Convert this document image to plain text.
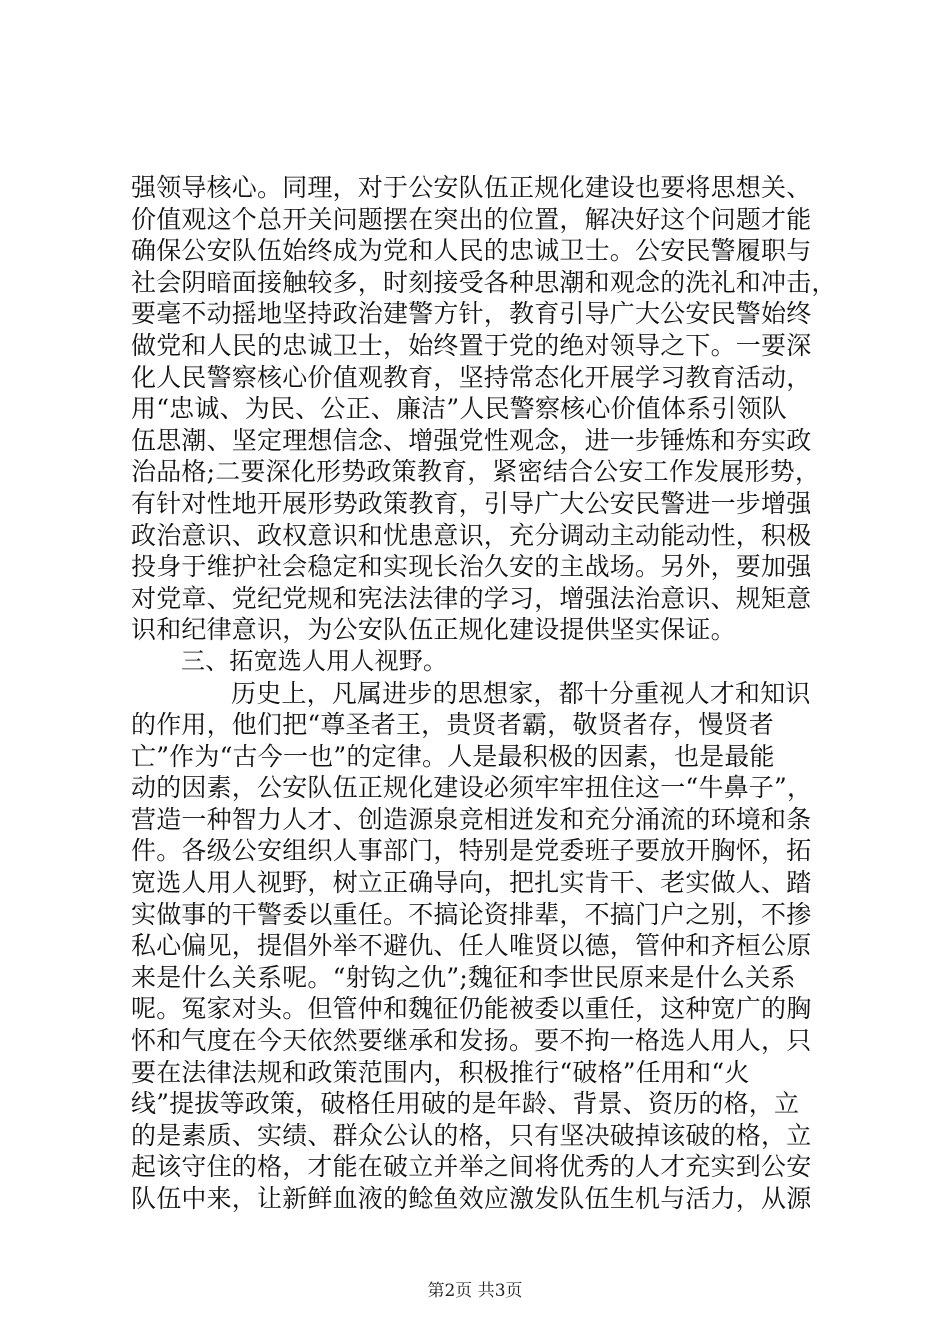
强领导核心。同理，对于公安队伍正规化建设也要将思想关、
价值观这个总开关问题摆在突出的位置，解决好这个问题才能
确保公安队伍始终成为党和人民的忠诚卫士。公安民警履职与
社会阴暗面接触较多，时刻接受各种思潮和观念的洗礼和冲击，
要毫不动摇地坚持政治建警方针，教育引导广大公安民警始终
做党和人民的忠诚卫士，始终置于党的绝对领导之下。一要深
化人民警察核心价值观教育，坚持常态化开展学习教育活动，
用“忠诚、为民、公正、廉洁”人民警察核心价值体系引领队
伍思潮、坚定理想信念、增强党性观念，进一步锤炼和夯实政
治品格;二要深化形势政策教育，紧密结合公安工作发展形势，
有针对性地开展形势政策教育，引导广大公安民警进一步增强
政治意识、政权意识和忧患意识，充分调动主动能动性，积极
投身于维护社会稳定和实现长治久安的主战场。另外，要加强
对党章、党纪党规和宪法法律的学习，增强法治意识、规矩意
识和纪律意识，为公安队伍正规化建设提供坚实保证。
三、拓宽选人用人视野。
历史上，凡属进步的思想家，都十分重视人才和知识
的作用，他们把“尊圣者王，贵贤者霸，敬贤者存，慢贤者
亡”作为“古今一也”的定律。人是最积极的因素，也是最能
动的因素，公安队伍正规化建设必须牢牢扭住这一“牛鼻子”，
营造一种智力人才、创造源泉竞相迸发和充分涌流的环境和条
件。各级公安组织人事部门，特别是党委班子要放开胸怀，拓
宽选人用人视野，树立正确导向，把扎实肯干、老实做人、踏
实做事的干警委以重任。不搞论资排辈，不搞门户之别，不掺
私心偏见，提倡外举不避仇、任人唯贤以德，管仲和齐桓公原
来是什么关系呢。“射钩之仇”;魏征和李世民原来是什么关系
呢。冤家对头。但管仲和魏征仍能被委以重任，这种宽广的胸
怀和气度在今天依然要继承和发扬。要不拘一格选人用人，只
要在法律法规和政策范围内，积极推行“破格”任用和“火
线”提拔等政策，破格任用破的是年龄、背景、资历的格，立
的是素质、实绩、群众公认的格，只有坚决破掉该破的格，立
起该守住的格，才能在破立并举之间将优秀的人才充实到公安
队伍中来，让新鲜血液的鲶鱼效应激发队伍生机与活力，从源
第2页 共3页
